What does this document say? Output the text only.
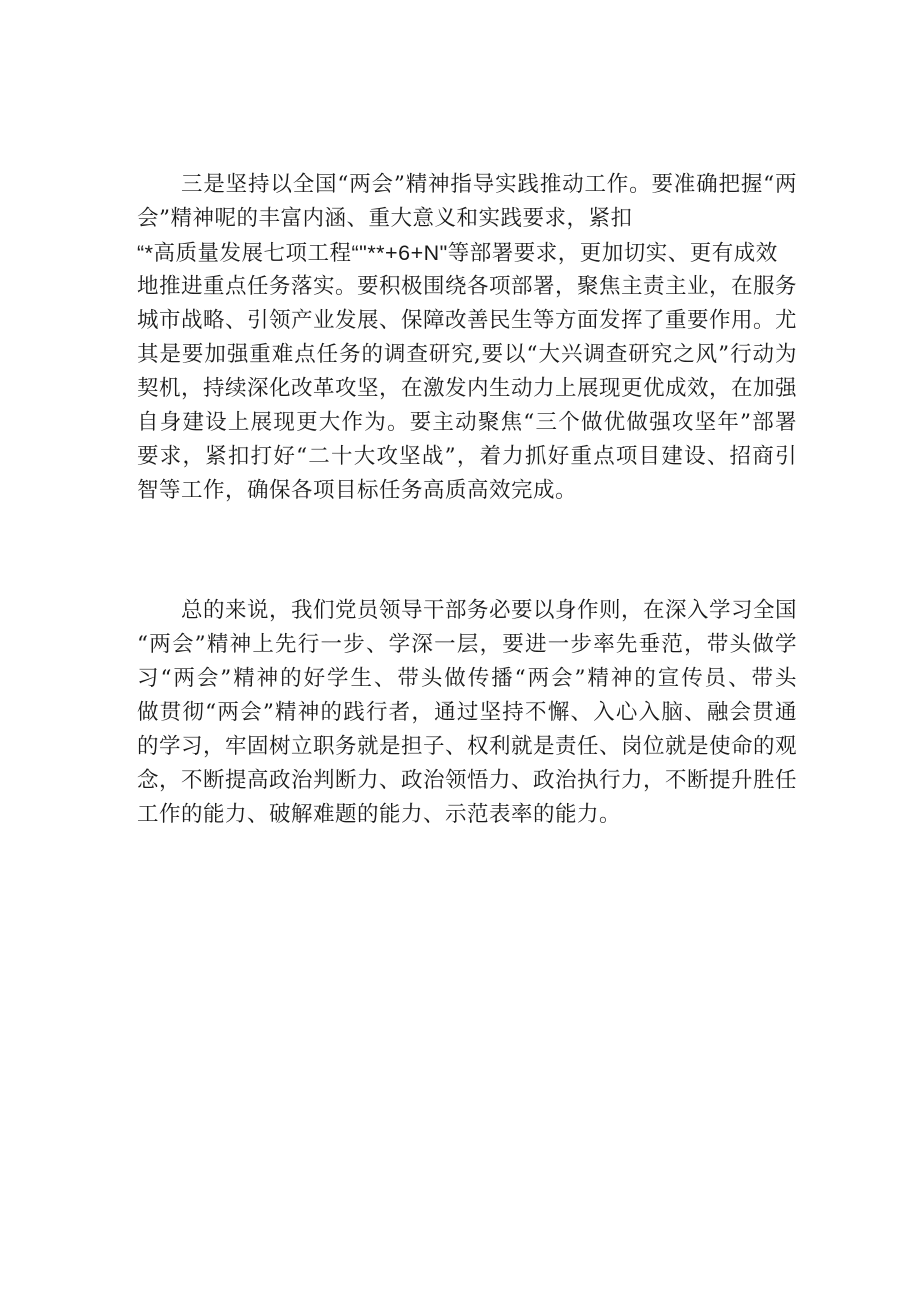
三是坚持以全国“两会”精神指导实践推动工作。要准确把握“两
会”精神呢的丰富内涵、重大意义和实践要求，紧扣
“*高质量发展七项工程“"**+6+N"等部署要求，更加切实、更有成效
地推进重点任务落实。要积极围绕各项部署，聚焦主责主业，在服务
城市战略、引领产业发展、保障改善民生等方面发挥了重要作用。尤
其是要加强重难点任务的调查研究,要以“大兴调查研究之风”行动为
契机，持续深化改革攻坚，在激发内生动力上展现更优成效，在加强
自身建设上展现更大作为。要主动聚焦“三个做优做强攻坚年”部署
要求，紧扣打好“二十大攻坚战”，着力抓好重点项目建设、招商引
智等工作，确保各项目标任务高质高效完成。
总的来说，我们党员领导干部务必要以身作则，在深入学习全国
“两会”精神上先行一步、学深一层，要进一步率先垂范，带头做学
习“两会”精神的好学生、带头做传播“两会”精神的宣传员、带头
做贯彻“两会”精神的践行者，通过坚持不懈、入心入脑、融会贯通
的学习，牢固树立职务就是担子、权利就是责任、岗位就是使命的观
念，不断提高政治判断力、政治领悟力、政治执行力，不断提升胜任
工作的能力、破解难题的能力、示范表率的能力。
